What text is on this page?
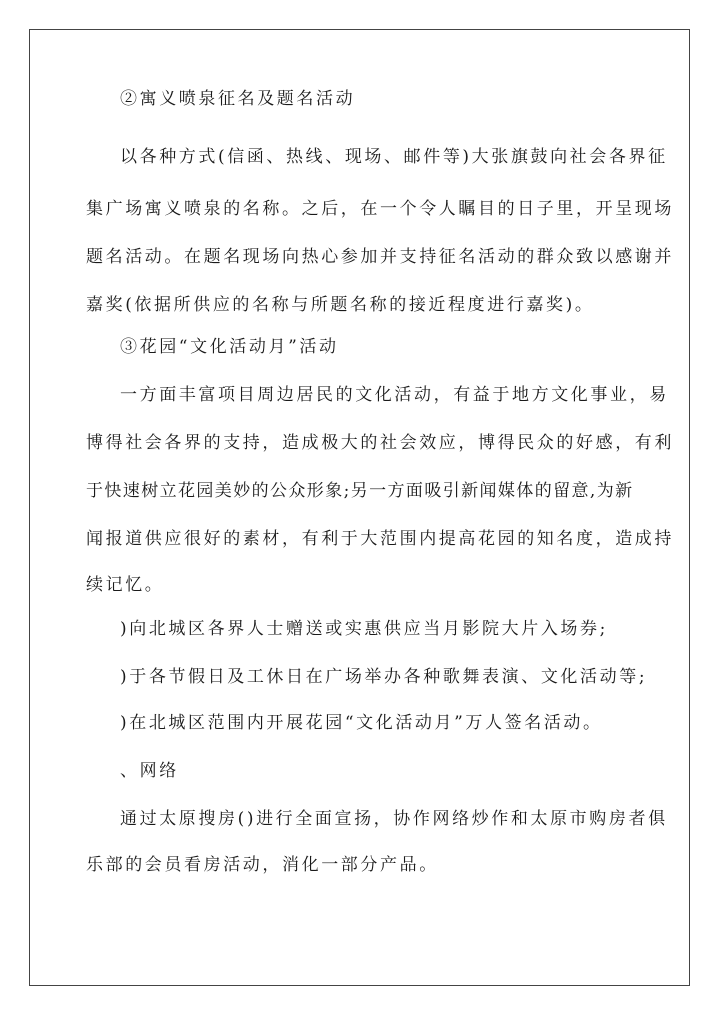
②寓义喷泉征名及题名活动
以各种方式(信函、热线、现场、邮件等)大张旗鼓向社会各界征
集广场寓义喷泉的名称。之后，在一个令人瞩目的日子里，开呈现场
题名活动。在题名现场向热心参加并支持征名活动的群众致以感谢并
嘉奖(依据所供应的名称与所题名称的接近程度进行嘉奖)。
③花园“文化活动月”活动
一方面丰富项目周边居民的文化活动，有益于地方文化事业，易
博得社会各界的支持，造成极大的社会效应，博得民众的好感，有利
于快速树立花园美妙的公众形象;另一方面吸引新闻媒体的留意,为新
闻报道供应很好的素材，有利于大范围内提高花园的知名度，造成持
续记忆。
)向北城区各界人士赠送或实惠供应当月影院大片入场券;
)于各节假日及工休日在广场举办各种歌舞表演、文化活动等;
)在北城区范围内开展花园“文化活动月”万人签名活动。
、网络
通过太原搜房()进行全面宣扬，协作网络炒作和太原市购房者俱
乐部的会员看房活动，消化一部分产品。
